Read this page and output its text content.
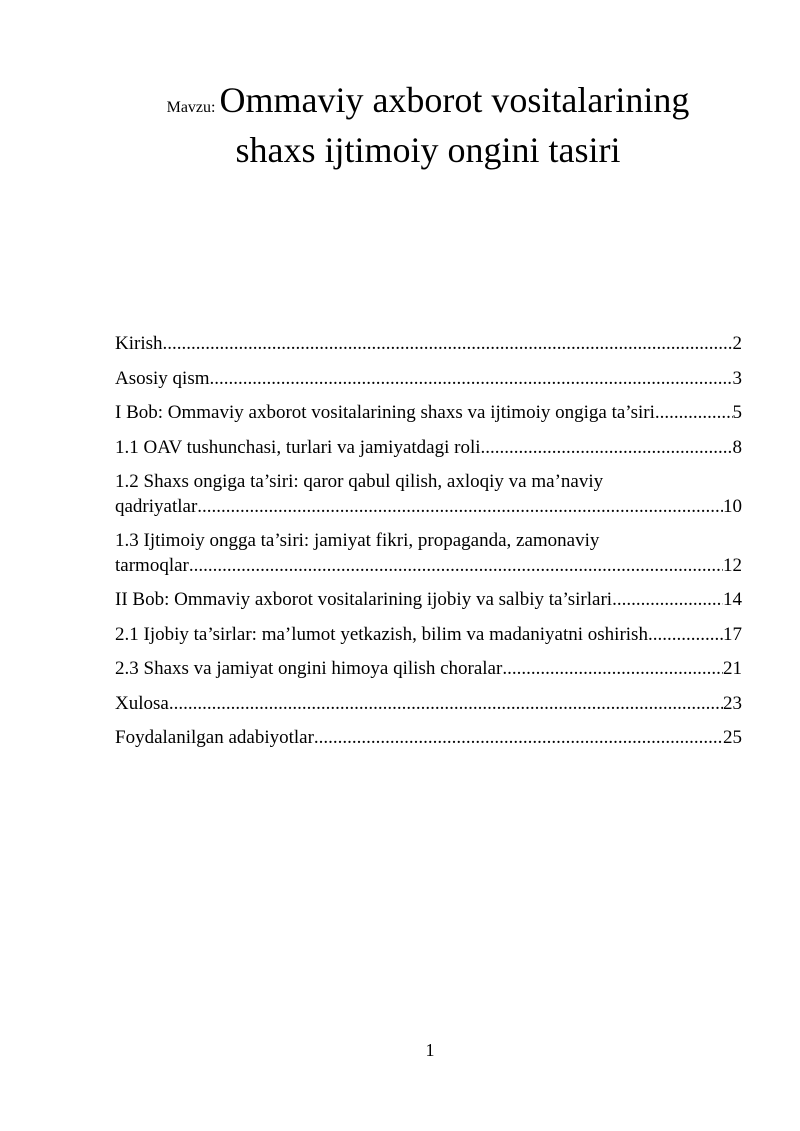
Mavzu: Ommaviy axborot vositalarining
shaxs ijtimoiy ongini tasiri
Kirish .....	2
Asosiy qism .....	3
I Bob: Ommaviy axborot vositalarining shaxs va ijtimoiy ongiga ta’siri .....	5
1.1 OAV tushunchasi, turlari va jamiyatdagi roli .....	8
1.2 Shaxs ongiga ta’siri: qaror qabul qilish, axloqiy va ma’naviy
qadriyatlar .....	10
1.3 Ijtimoiy ongga ta’siri: jamiyat fikri, propaganda, zamonaviy
tarmoqlar .....	12
II Bob: Ommaviy axborot vositalarining ijobiy va salbiy ta’sirlari .....	14
2.1 Ijobiy ta’sirlar: ma’lumot yetkazish, bilim va madaniyatni oshirish .....	17
2.3 Shaxs va jamiyat ongini himoya qilish choralar .....	21
Xulosa .....	23
Foydalanilgan adabiyotlar .....	25
1
